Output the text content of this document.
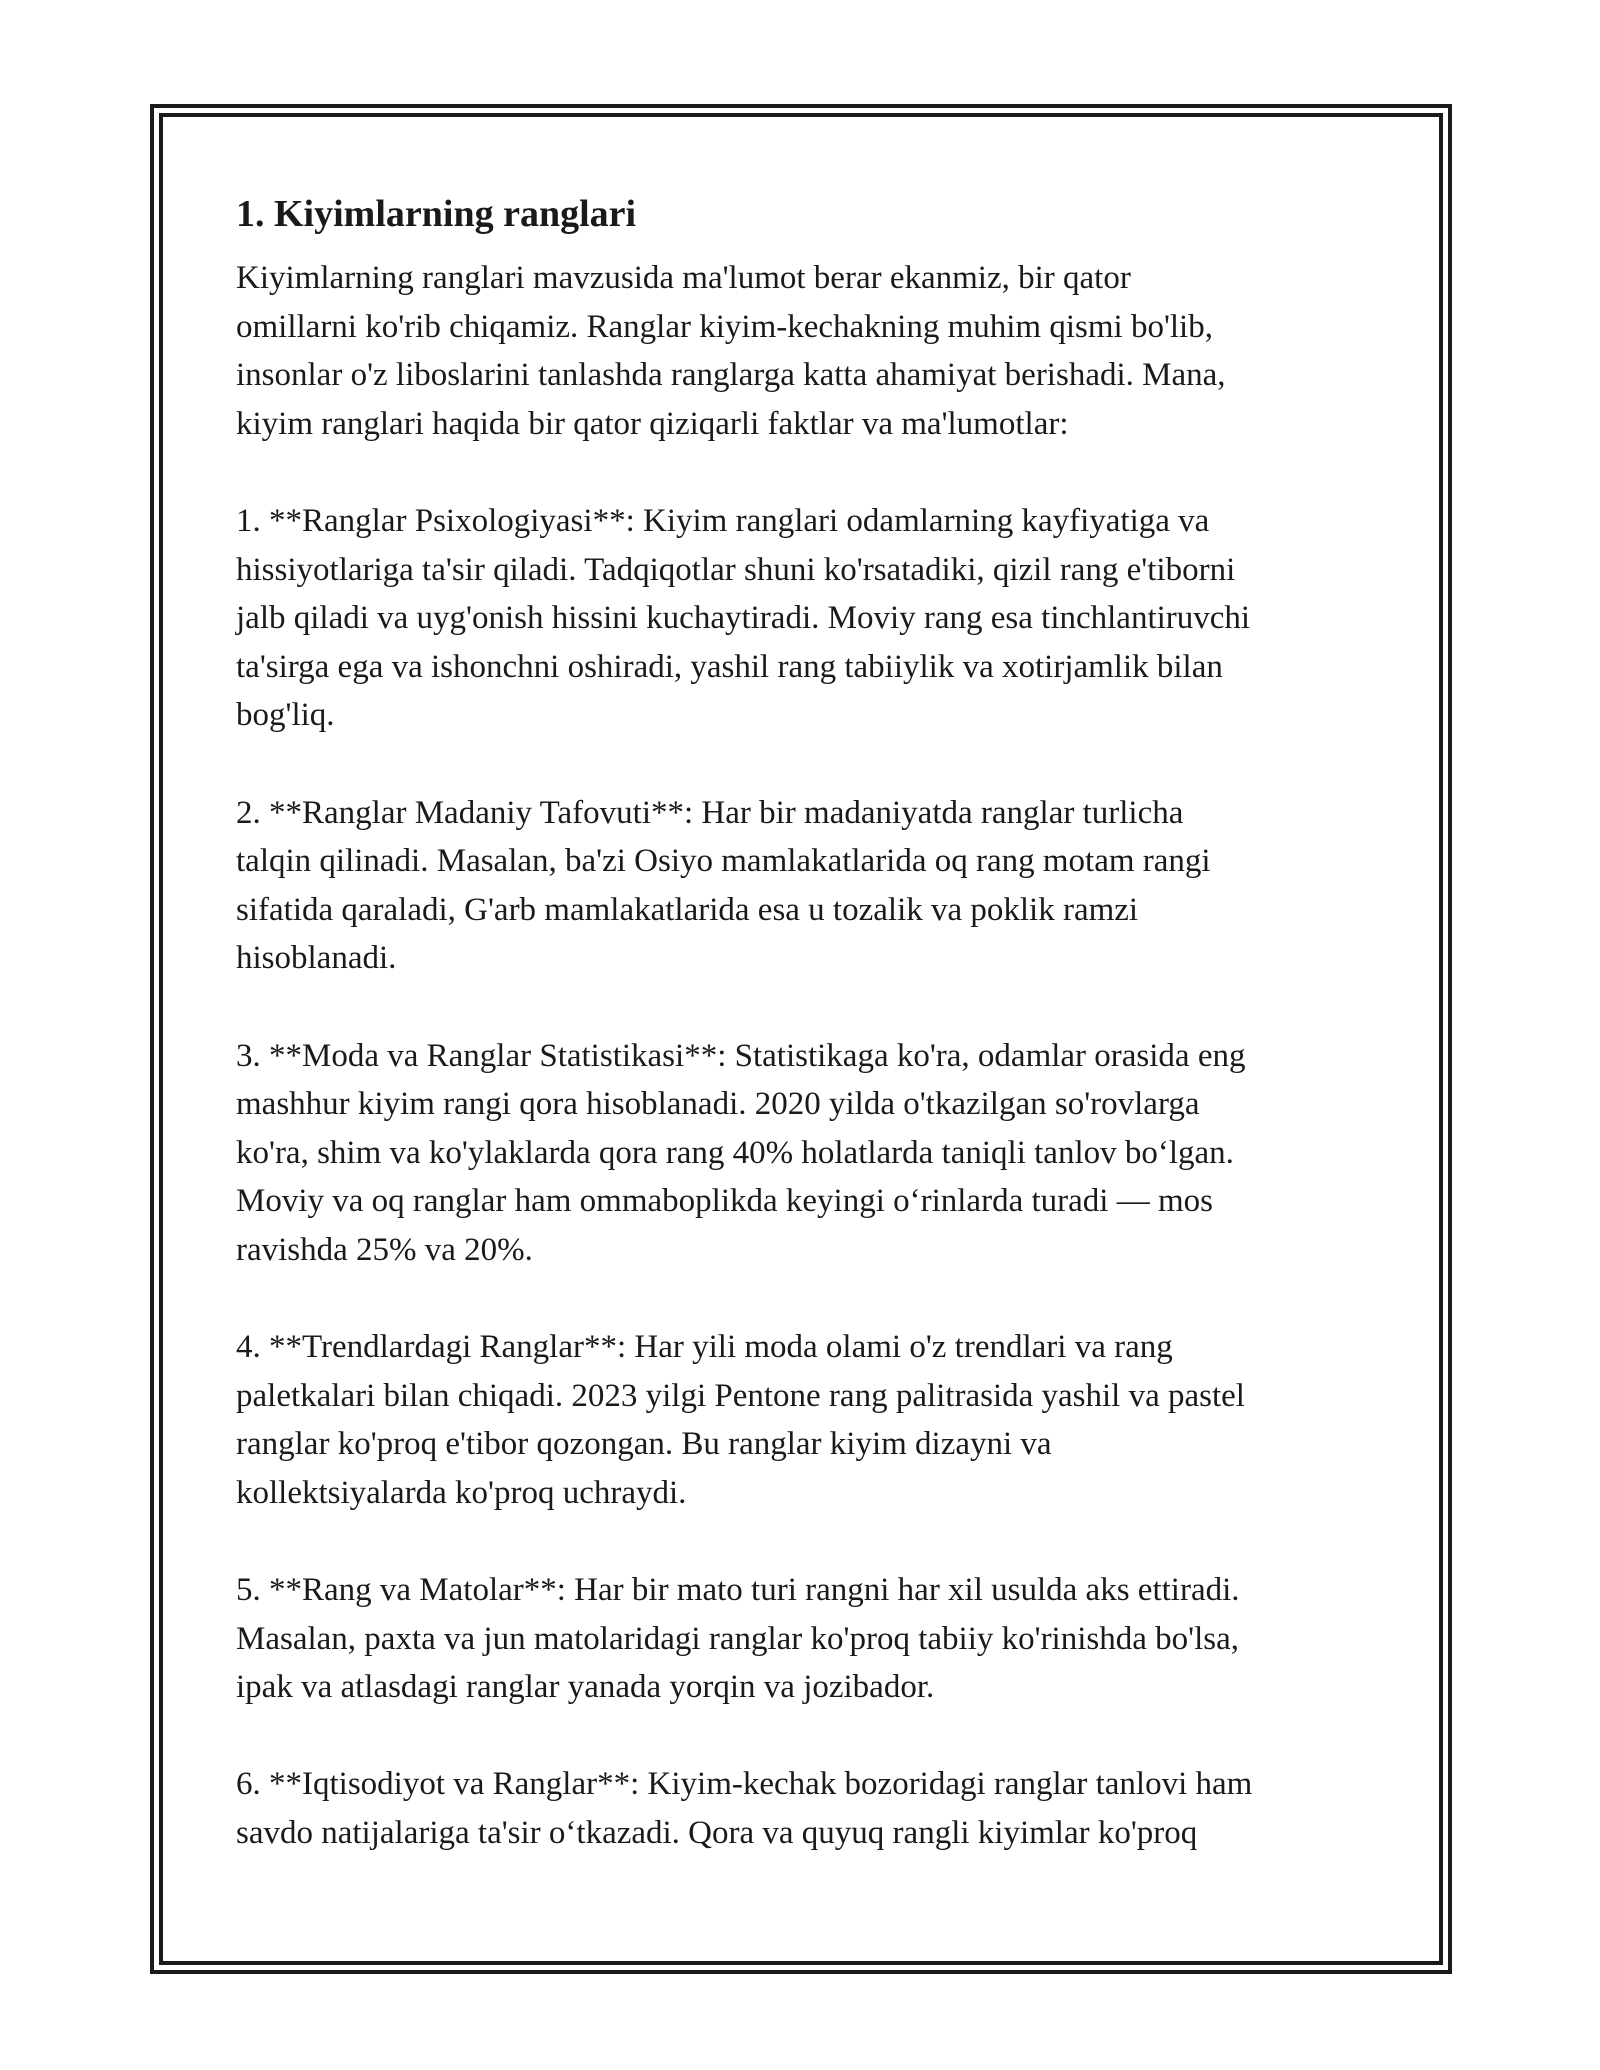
1. Kiyimlarning ranglari

Kiyimlarning ranglari mavzusida ma'lumot berar ekanmiz, bir qator
omillarni ko'rib chiqamiz. Ranglar kiyim-kechakning muhim qismi bo'lib,
insonlar o'z liboslarini tanlashda ranglarga katta ahamiyat berishadi. Mana,
kiyim ranglari haqida bir qator qiziqarli faktlar va ma'lumotlar:

1. **Ranglar Psixologiyasi**: Kiyim ranglari odamlarning kayfiyatiga va
hissiyotlariga ta'sir qiladi. Tadqiqotlar shuni ko'rsatadiki, qizil rang e'tiborni
jalb qiladi va uyg'onish hissini kuchaytiradi. Moviy rang esa tinchlantiruvchi
ta'sirga ega va ishonchni oshiradi, yashil rang tabiiylik va xotirjamlik bilan
bog'liq.

2. **Ranglar Madaniy Tafovuti**: Har bir madaniyatda ranglar turlicha
talqin qilinadi. Masalan, ba'zi Osiyo mamlakatlarida oq rang motam rangi
sifatida qaraladi, G'arb mamlakatlarida esa u tozalik va poklik ramzi
hisoblanadi.

3. **Moda va Ranglar Statistikasi**: Statistikaga ko'ra, odamlar orasida eng
mashhur kiyim rangi qora hisoblanadi. 2020 yilda o'tkazilgan so'rovlarga
ko'ra, shim va ko'ylaklarda qora rang 40% holatlarda taniqli tanlov bo‘lgan.
Moviy va oq ranglar ham ommaboplikda keyingi o‘rinlarda turadi — mos
ravishda 25% va 20%.

4. **Trendlardagi Ranglar**: Har yili moda olami o'z trendlari va rang
paletkalari bilan chiqadi. 2023 yilgi Pentone rang palitrasida yashil va pastel
ranglar ko'proq e'tibor qozongan. Bu ranglar kiyim dizayni va
kollektsiyalarda ko'proq uchraydi.

5. **Rang va Matolar**: Har bir mato turi rangni har xil usulda aks ettiradi.
Masalan, paxta va jun matolaridagi ranglar ko'proq tabiiy ko'rinishda bo'lsa,
ipak va atlasdagi ranglar yanada yorqin va jozibador.

6. **Iqtisodiyot va Ranglar**: Kiyim-kechak bozoridagi ranglar tanlovi ham
savdo natijalariga ta'sir o‘tkazadi. Qora va quyuq rangli kiyimlar ko'proq
